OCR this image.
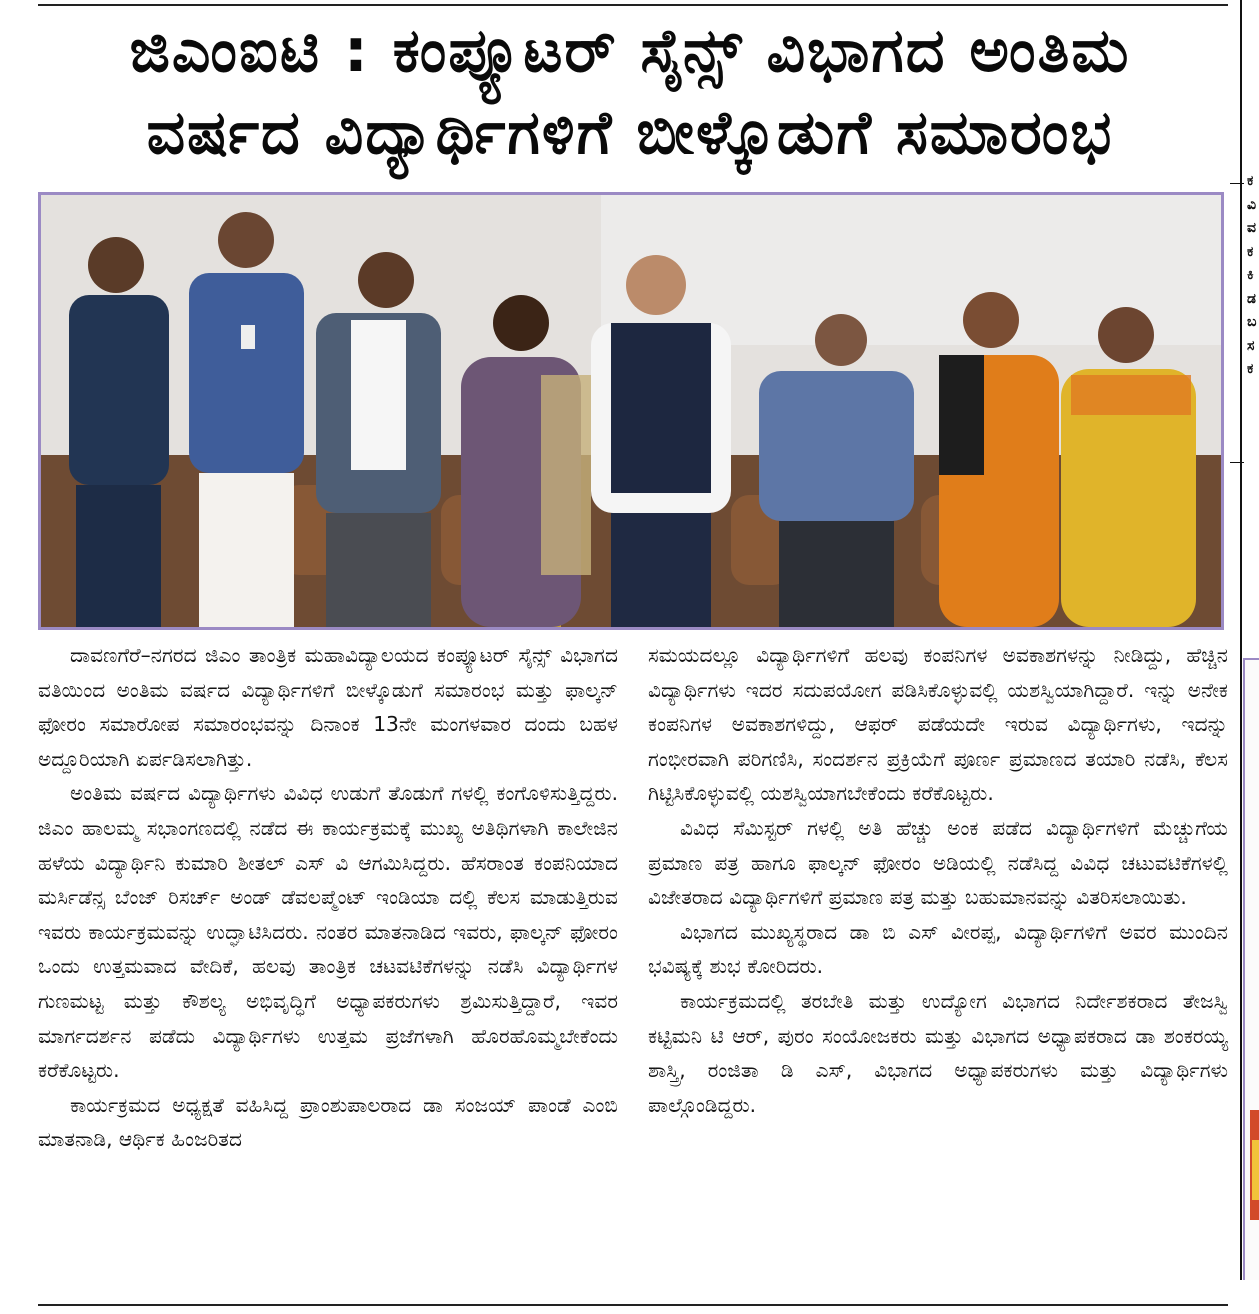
ಜಿಎಂಐಟಿ : ಕಂಪ್ಯೂಟರ್ ಸೈನ್ಸ್ ವಿಭಾಗದ ಅಂತಿಮ
ವರ್ಷದ ವಿದ್ಯಾರ್ಥಿಗಳಿಗೆ ಬೀಳ್ಕೊಡುಗೆ ಸಮಾರಂಭ

ದಾವಣಗೆರೆ–ನಗರದ ಜಿಎಂ ತಾಂತ್ರಿಕ ಮಹಾವಿದ್ಯಾಲಯದ ಕಂಪ್ಯೂಟರ್ ಸೈನ್ಸ್ ವಿಭಾಗದ ವತಿಯಿಂದ ಅಂತಿಮ ವರ್ಷದ ವಿದ್ಯಾರ್ಥಿಗಳಿಗೆ ಬೀಳ್ಕೊಡುಗೆ ಸಮಾರಂಭ ಮತ್ತು ಫಾಲ್ಕನ್ ಫೋರಂ ಸಮಾರೋಪ ಸಮಾರಂಭವನ್ನು ದಿನಾಂಕ 13ನೇ ಮಂಗಳವಾರ ದಂದು ಬಹಳ ಅದ್ದೂರಿಯಾಗಿ ಏರ್ಪಡಿಸಲಾಗಿತ್ತು.

ಅಂತಿಮ ವರ್ಷದ ವಿದ್ಯಾರ್ಥಿಗಳು ವಿವಿಧ ಉಡುಗೆ ತೊಡುಗೆ ಗಳಲ್ಲಿ ಕಂಗೊಳಿಸುತ್ತಿದ್ದರು. ಜಿಎಂ ಹಾಲಮ್ಮ ಸಭಾಂಗಣದಲ್ಲಿ ನಡೆದ ಈ ಕಾರ್ಯಕ್ರಮಕ್ಕೆ ಮುಖ್ಯ ಅತಿಥಿಗಳಾಗಿ ಕಾಲೇಜಿನ ಹಳೆಯ ವಿದ್ಯಾರ್ಥಿನಿ ಕುಮಾರಿ ಶೀತಲ್ ಎಸ್ ವಿ ಆಗಮಿಸಿದ್ದರು. ಹೆಸರಾಂತ ಕಂಪನಿಯಾದ ಮರ್ಸಿಡೆನ್ಸ ಬೆಂಜ್ ರಿಸರ್ಚ್ ಅಂಡ್ ಡೆವಲಪ್ಮೆಂಟ್ ಇಂಡಿಯಾ ದಲ್ಲಿ ಕೆಲಸ ಮಾಡುತ್ತಿರುವ ಇವರು ಕಾರ್ಯಕ್ರಮವನ್ನು ಉದ್ಘಾಟಿಸಿದರು. ನಂತರ ಮಾತನಾಡಿದ ಇವರು, ಫಾಲ್ಕನ್ ಫೋರಂ ಒಂದು ಉತ್ತಮವಾದ ವೇದಿಕೆ, ಹಲವು ತಾಂತ್ರಿಕ ಚಟವಟಿಕೆಗಳನ್ನು ನಡೆಸಿ ವಿದ್ಯಾರ್ಥಿಗಳ ಗುಣಮಟ್ಟ ಮತ್ತು ಕೌಶಲ್ಯ ಅಭಿವೃದ್ಧಿಗೆ ಅಧ್ಯಾಪಕರುಗಳು ಶ್ರಮಿಸುತ್ತಿದ್ದಾರೆ, ಇವರ ಮಾರ್ಗದರ್ಶನ ಪಡೆದು ವಿದ್ಯಾರ್ಥಿಗಳು ಉತ್ತಮ ಪ್ರಜೆಗಳಾಗಿ ಹೊರಹೊಮ್ಮಬೇಕೆಂದು ಕರೆಕೊಟ್ಟರು.

ಕಾರ್ಯಕ್ರಮದ ಅಧ್ಯಕ್ಷತೆ ವಹಿಸಿದ್ದ ಪ್ರಾಂಶುಪಾಲರಾದ ಡಾ ಸಂಜಯ್ ಪಾಂಡೆ ಎಂಬಿ ಮಾತನಾಡಿ, ಆರ್ಥಿಕ ಹಿಂಜರಿತದ

ಸಮಯದಲ್ಲೂ ವಿದ್ಯಾರ್ಥಿಗಳಿಗೆ ಹಲವು ಕಂಪನಿಗಳ ಅವಕಾಶಗಳನ್ನು ನೀಡಿದ್ದು, ಹೆಚ್ಚಿನ ವಿದ್ಯಾರ್ಥಿಗಳು ಇದರ ಸದುಪಯೋಗ ಪಡಿಸಿಕೊಳ್ಳುವಲ್ಲಿ ಯಶಸ್ವಿಯಾಗಿದ್ದಾರೆ. ಇನ್ನು ಅನೇಕ ಕಂಪನಿಗಳ ಅವಕಾಶಗಳಿದ್ದು, ಆಫರ್ ಪಡೆಯದೇ ಇರುವ ವಿದ್ಯಾರ್ಥಿಗಳು, ಇದನ್ನು ಗಂಭೀರವಾಗಿ ಪರಿಗಣಿಸಿ, ಸಂದರ್ಶನ ಪ್ರಕ್ರಿಯೆಗೆ ಪೂರ್ಣ ಪ್ರಮಾಣದ ತಯಾರಿ ನಡೆಸಿ, ಕೆಲಸ ಗಿಟ್ಟಿಸಿಕೊಳ್ಳುವಲ್ಲಿ ಯಶಸ್ವಿಯಾಗಬೇಕೆಂದು ಕರೆಕೊಟ್ಟರು.

ವಿವಿಧ ಸೆಮಿಸ್ಟರ್ ಗಳಲ್ಲಿ ಅತಿ ಹೆಚ್ಚು ಅಂಕ ಪಡೆದ ವಿದ್ಯಾರ್ಥಿಗಳಿಗೆ ಮೆಚ್ಚುಗೆಯ ಪ್ರಮಾಣ ಪತ್ರ ಹಾಗೂ ಫಾಲ್ಕನ್ ಫೋರಂ ಅಡಿಯಲ್ಲಿ ನಡೆಸಿದ್ದ ವಿವಿಧ ಚಟುವಟಿಕೆಗಳಲ್ಲಿ ವಿಜೇತರಾದ ವಿದ್ಯಾರ್ಥಿಗಳಿಗೆ ಪ್ರಮಾಣ ಪತ್ರ ಮತ್ತು ಬಹುಮಾನವನ್ನು ವಿತರಿಸಲಾಯಿತು.

ವಿಭಾಗದ ಮುಖ್ಯಸ್ಥರಾದ ಡಾ ಬಿ ಎಸ್ ವೀರಪ್ಪ, ವಿದ್ಯಾರ್ಥಿಗಳಿಗೆ ಅವರ ಮುಂದಿನ ಭವಿಷ್ಯಕ್ಕೆ ಶುಭ ಕೋರಿದರು.

ಕಾರ್ಯಕ್ರಮದಲ್ಲಿ ತರಬೇತಿ ಮತ್ತು ಉದ್ಯೋಗ ವಿಭಾಗದ ನಿರ್ದೇಶಕರಾದ ತೇಜಸ್ವಿ ಕಟ್ಟಿಮನಿ ಟಿ ಆರ್, ಪುರಂ ಸಂಯೋಜಕರು ಮತ್ತು ವಿಭಾಗದ ಅಧ್ಯಾಪಕರಾದ ಡಾ ಶಂಕರಯ್ಯ ಶಾಸ್ತ್ರಿ, ರಂಜಿತಾ ಡಿ ಎಸ್, ವಿಭಾಗದ ಅಧ್ಯಾಪಕರುಗಳು ಮತ್ತು ವಿದ್ಯಾರ್ಥಿಗಳು ಪಾಲ್ಗೊಂಡಿದ್ದರು.

ಕ ವಿ ವ ಕ ಕಿ ಡ ಬ ಸ ಕ
